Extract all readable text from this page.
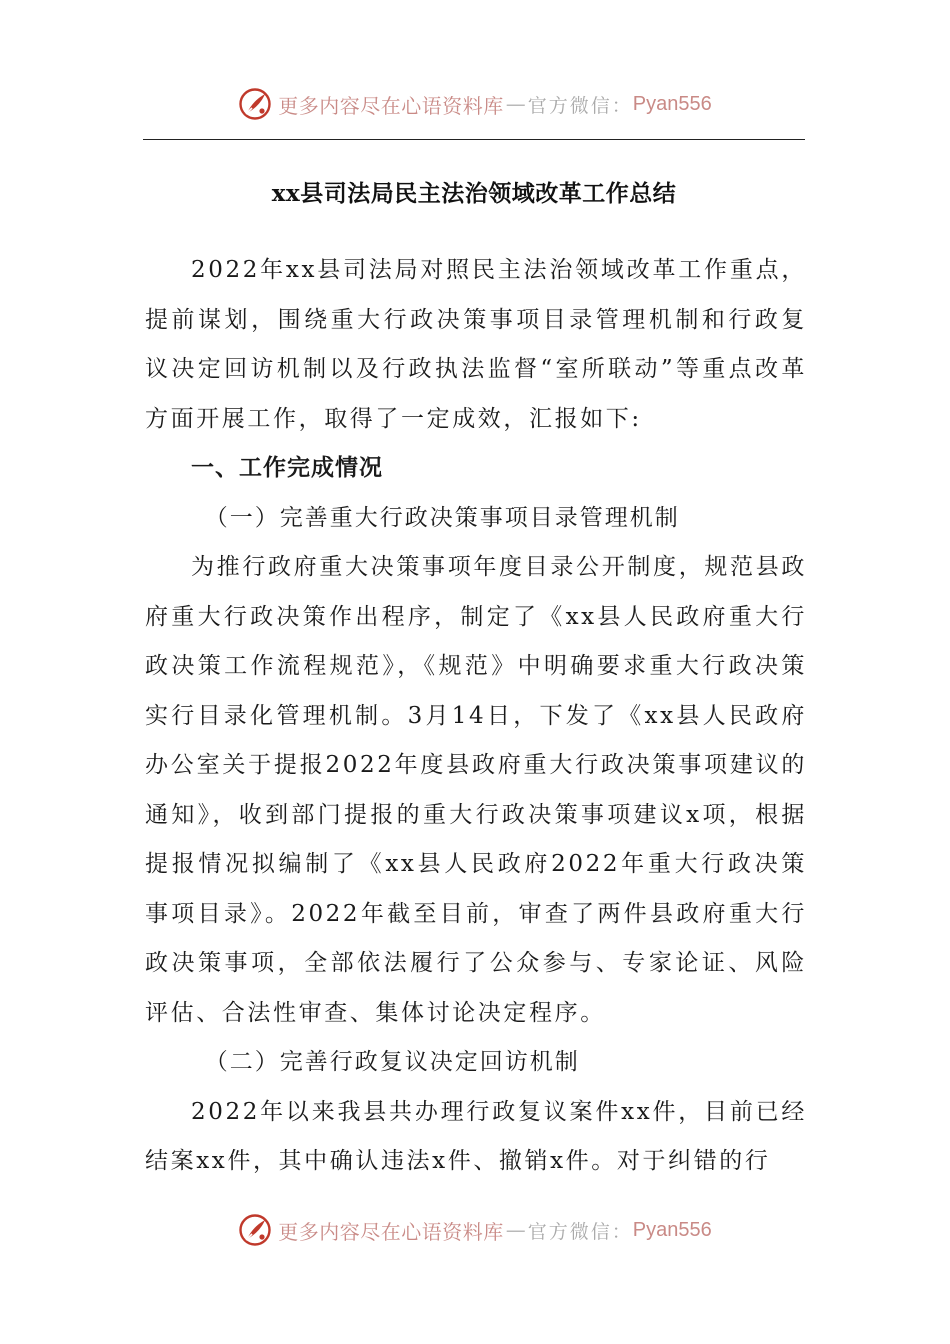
更多内容尽在心语资料库 — 官方微信： Pyan556
xx县司法局民主法治领域改革工作总结

2022年xx县司法局对照民主法治领域改革工作重点，提前谋划，围绕重大行政决策事项目录管理机制和行政复议决定回访机制以及行政执法监督“室所联动”等重点改革方面开展工作，取得了一定成效，汇报如下:

一、工作完成情况

（一）完善重大行政决策事项目录管理机制

为推行政府重大决策事项年度目录公开制度，规范县政府重大行政决策作出程序，制定了《xx县人民政府重大行政决策工作流程规范》，《规范》中明确要求重大行政决策实行目录化管理机制。3月14日，下发了《xx县人民政府办公室关于提报2022年度县政府重大行政决策事项建议的通知》，收到部门提报的重大行政决策事项建议x项，根据提报情况拟编制了《xx县人民政府2022年重大行政决策事项目录》。2022年截至目前，审查了两件县政府重大行政决策事项，全部依法履行了公众参与、专家论证、风险评估、合法性审查、集体讨论决定程序。

（二）完善行政复议决定回访机制

2022年以来我县共办理行政复议案件xx件，目前已经结案xx件，其中确认违法x件、撤销x件。对于纠错的行

更多内容尽在心语资料库 — 官方微信： Pyan556
